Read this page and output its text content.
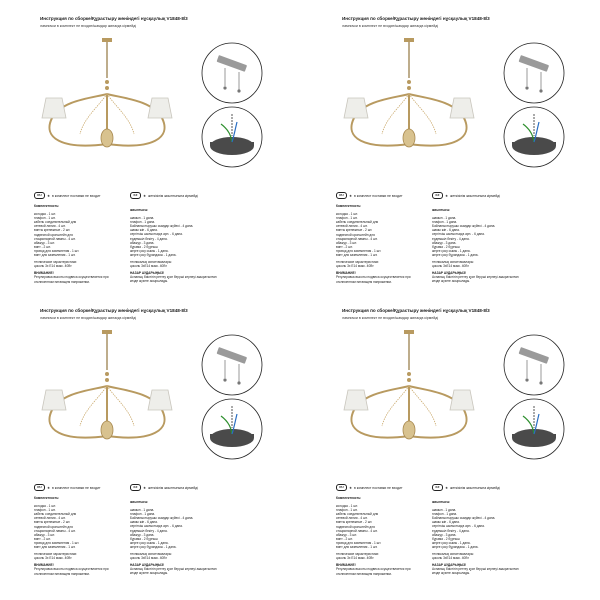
Инструкция по сборке/Құрастыру жөніндегі нұсқаулық V1848-8/3
лампочки в комплект не входят/шамдар жинаққа кірмейді
RU	★ в комплект поставки не входит	KZ	★ жеткізілім жиынтығына кірмейді
Комплектность:
колодка - 1 шт.
плафон - 1 шт.
кабель соединительный для
сетевой линии - 4 шт.
винты крепежные - 2 шт.
подвесной кронштейн для
стационарной лампы - 4 шт.
абажур - 3 шт.
винт - 2 шт.
провод для заземления - 1 шт.
винт для заземления - 1 шт.
технические характеристики:
цоколь 3x E14 макс. 40Вт
ВНИМАНИЕ!
Регулировка высоты подвеса осуществляется при отключенном питающем напряжении.
жиынтығы:
шамын - 1 дана.
плафон - 1 дана.
Байланыстырушы сымдар жүйесі - 4 дана.
шамы жіп - 6 дана.
сергіткіш шығыстыққа арн. - 6 дана.
ердемшіл бекіту - 4 дана.
абажур - 3 дана.
бұрама - 2 бұрғыш
жерге қосу сымы - 1 дана.
жерге қосу бұрандасы - 1 дана.
техникалық сипаттамалары:
цоколь 3xE14 макс. 40Вт
НАЗАР АУДАРЫҢЫЗ!
Аспаның биіктігін реттеу қуат беруші кернеуі ажыратылған кезде жүзеге асырылады.
Инструкция по сборке/Құрастыру жөніндегі нұсқаулық V1848-8/3
лампочки в комплект не входят/шамдар жинаққа кірмейді
RU	★ в комплект поставки не входит	KZ	★ жеткізілім жиынтығына кірмейді
Комплектность:
колодка - 1 шт.
плафон - 1 шт.
кабель соединительный для
сетевой линии - 4 шт.
винты крепежные - 2 шт.
подвесной кронштейн для
стационарной лампы - 4 шт.
абажур - 3 шт.
винт - 2 шт.
провод для заземления - 1 шт.
винт для заземления - 1 шт.
технические характеристики:
цоколь 3x E14 макс. 40Вт
ВНИМАНИЕ!
Регулировка высоты подвеса осуществляется при отключенном питающем напряжении.
жиынтығы:
шамын - 1 дана.
плафон - 1 дана.
Байланыстырушы сымдар жүйесі - 4 дана.
шамы жіп - 6 дана.
сергіткіш шығыстыққа арн. - 6 дана.
ердемшіл бекіту - 4 дана.
абажур - 3 дана.
бұрама - 2 бұрғыш
жерге қосу сымы - 1 дана.
жерге қосу бұрандасы - 1 дана.
техникалық сипаттамалары:
цоколь 3xE14 макс. 40Вт
НАЗАР АУДАРЫҢЫЗ!
Аспаның биіктігін реттеу қуат беруші кернеуі ажыратылған кезде жүзеге асырылады.
Инструкция по сборке/Құрастыру жөніндегі нұсқаулық V1848-8/3
лампочки в комплект не входят/шамдар жинаққа кірмейді
RU	★ в комплект поставки не входит	KZ	★ жеткізілім жиынтығына кірмейді
Комплектность:
колодка - 1 шт.
плафон - 1 шт.
кабель соединительный для
сетевой линии - 4 шт.
винты крепежные - 2 шт.
подвесной кронштейн для
стационарной лампы - 4 шт.
абажур - 3 шт.
винт - 2 шт.
провод для заземления - 1 шт.
винт для заземления - 1 шт.
технические характеристики:
цоколь 3x E14 макс. 40Вт
ВНИМАНИЕ!
Регулировка высоты подвеса осуществляется при отключенном питающем напряжении.
жиынтығы:
шамын - 1 дана.
плафон - 1 дана.
Байланыстырушы сымдар жүйесі - 4 дана.
шамы жіп - 6 дана.
сергіткіш шығыстыққа арн. - 6 дана.
ердемшіл бекіту - 4 дана.
абажур - 3 дана.
бұрама - 2 бұрғыш
жерге қосу сымы - 1 дана.
жерге қосу бұрандасы - 1 дана.
техникалық сипаттамалары:
цоколь 3xE14 макс. 40Вт
НАЗАР АУДАРЫҢЫЗ!
Аспаның биіктігін реттеу қуат беруші кернеуі ажыратылған кезде жүзеге асырылады.
Инструкция по сборке/Құрастыру жөніндегі нұсқаулық V1848-8/3
лампочки в комплект не входят/шамдар жинаққа кірмейді
RU	★ в комплект поставки не входит	KZ	★ жеткізілім жиынтығына кірмейді
Комплектность:
колодка - 1 шт.
плафон - 1 шт.
кабель соединительный для
сетевой линии - 4 шт.
винты крепежные - 2 шт.
подвесной кронштейн для
стационарной лампы - 4 шт.
абажур - 3 шт.
винт - 2 шт.
провод для заземления - 1 шт.
винт для заземления - 1 шт.
технические характеристики:
цоколь 3x E14 макс. 40Вт
ВНИМАНИЕ!
Регулировка высоты подвеса осуществляется при отключенном питающем напряжении.
жиынтығы:
шамын - 1 дана.
плафон - 1 дана.
Байланыстырушы сымдар жүйесі - 4 дана.
шамы жіп - 6 дана.
сергіткіш шығыстыққа арн. - 6 дана.
ердемшіл бекіту - 4 дана.
абажур - 3 дана.
бұрама - 2 бұрғыш
жерге қосу сымы - 1 дана.
жерге қосу бұрандасы - 1 дана.
техникалық сипаттамалары:
цоколь 3xE14 макс. 40Вт
НАЗАР АУДАРЫҢЫЗ!
Аспаның биіктігін реттеу қуат беруші кернеуі ажыратылған кезде жүзеге асырылады.
